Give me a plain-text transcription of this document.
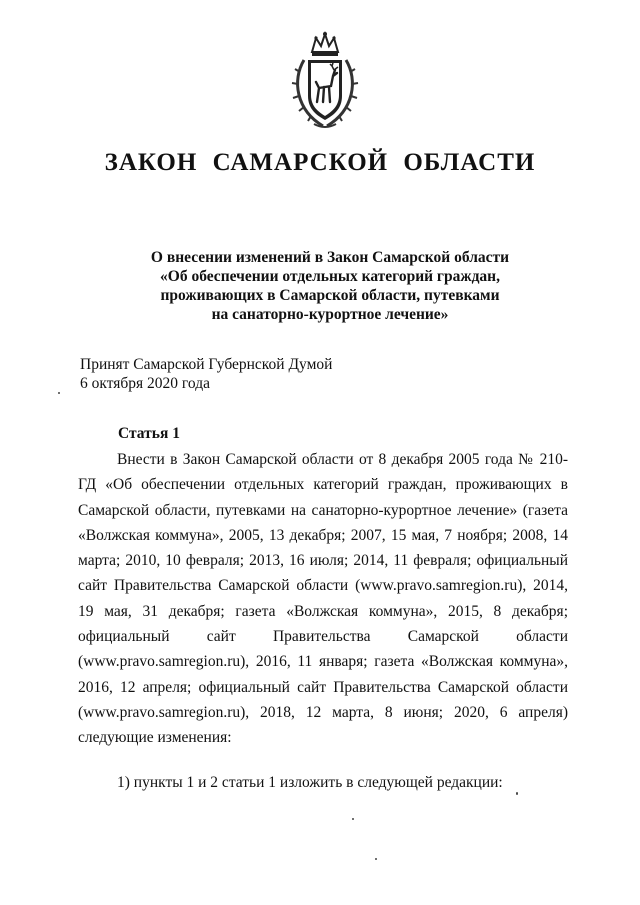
ЗАКОН САМАРСКОЙ ОБЛАСТИ
О внесении изменений в Закон Самарской области
«Об обеспечении отдельных категорий граждан,
проживающих в Самарской области, путевками
на санаторно-курортное лечение»
Принят Самарской Губернской Думой
6 октября 2020 года
Статья 1

Внести в Закон Самарской области от 8 декабря 2005 года № 210-ГД «Об обеспечении отдельных категорий граждан, проживающих в Самарской области, путевками на санаторно-курортное лечение» (газета «Волжская коммуна», 2005, 13 декабря; 2007, 15 мая, 7 ноября; 2008, 14 марта; 2010, 10 февраля; 2013, 16 июля; 2014, 11 февраля; официальный сайт Правительства Самарской области (www.pravo.samregion.ru), 2014, 19 мая, 31 декабря; газета «Волжская коммуна», 2015, 8 декабря; официальный сайт Правительства Самарской области (www.pravo.samregion.ru), 2016, 11 января; газета «Волжская коммуна», 2016, 12 апреля; официальный сайт Правительства Самарской области (www.pravo.samregion.ru), 2018, 12 марта, 8 июня; 2020, 6 апреля) следующие изменения:

1) пункты 1 и 2 статьи 1 изложить в следующей редакции:
